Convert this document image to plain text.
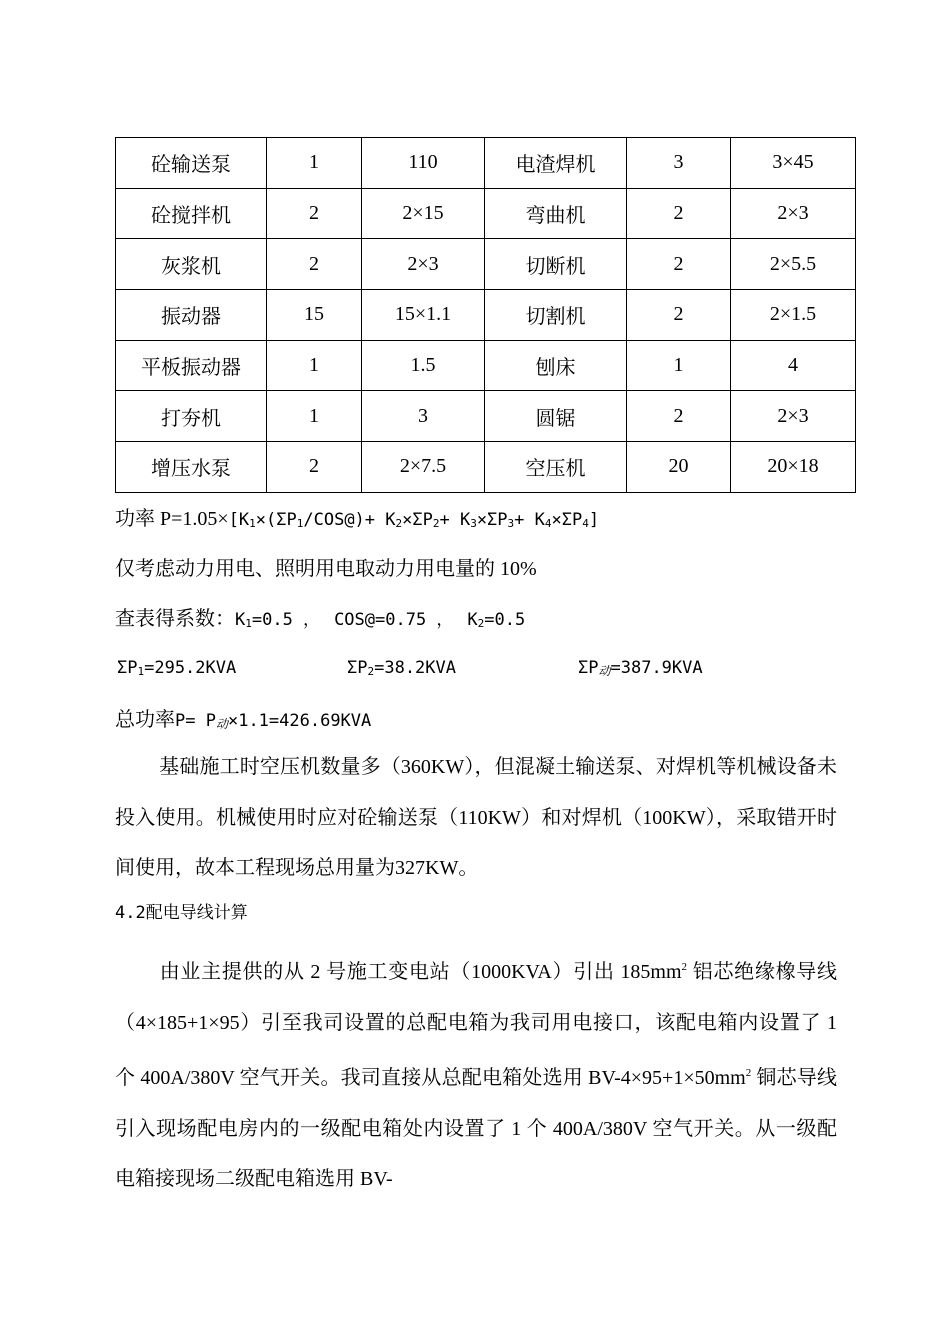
砼输送泵	1	110	电渣焊机	3	3×45
砼搅拌机	2	2×15	弯曲机	2	2×3
灰浆机	2	2×3	切断机	2	2×5.5
振动器	15	15×1.1	切割机	2	2×1.5
平板振动器	1	1.5	刨床	1	4
打夯机	1	3	圆锯	2	2×3
增压水泵	2	2×7.5	空压机	20	20×18
功率 $P=1.05\times[K_1\times(\Sigma P_1/COS@)+ K_2\times\Sigma P_2+ K_3\times\Sigma P_3+ K_4\times\Sigma P_4]$
仅考虑动力用电、照明用电取动力用电量的 10%
查表得系数：$K_1=0.5$ ， COS@=0.75 ， $K_2=0.5$
$\Sigma P_1=295.2KVA$	$\Sigma P_2=38.2KVA$	$\Sigma P_动=387.9KVA$
总功率$P= P_动\times 1.1=426.69KVA$
基础施工时空压机数量多（360KW），但混凝土输送泵、对焊机等机械设备未投入使用。机械使用时应对砼输送泵（110KW）和对焊机（100KW），采取错开时间使用，故本工程现场总用量为327KW。
4.2配电导线计算
由业主提供的从 2 号施工变电站（1000KVA）引出 $185mm^2$ 铝芯绝缘橡导线（4×185+1×95）引至我司设置的总配电箱为我司用电接口，该配电箱内设置了 1 个 400A/380V 空气开关。我司直接从总配电箱处选用 $BV-4\times 95+1\times 50mm^2$ 铜芯导线引入现场配电房内的一级配电箱处内设置了 1 个 400A/380V 空气开关。从一级配电箱接现场二级配电箱选用 BV-
